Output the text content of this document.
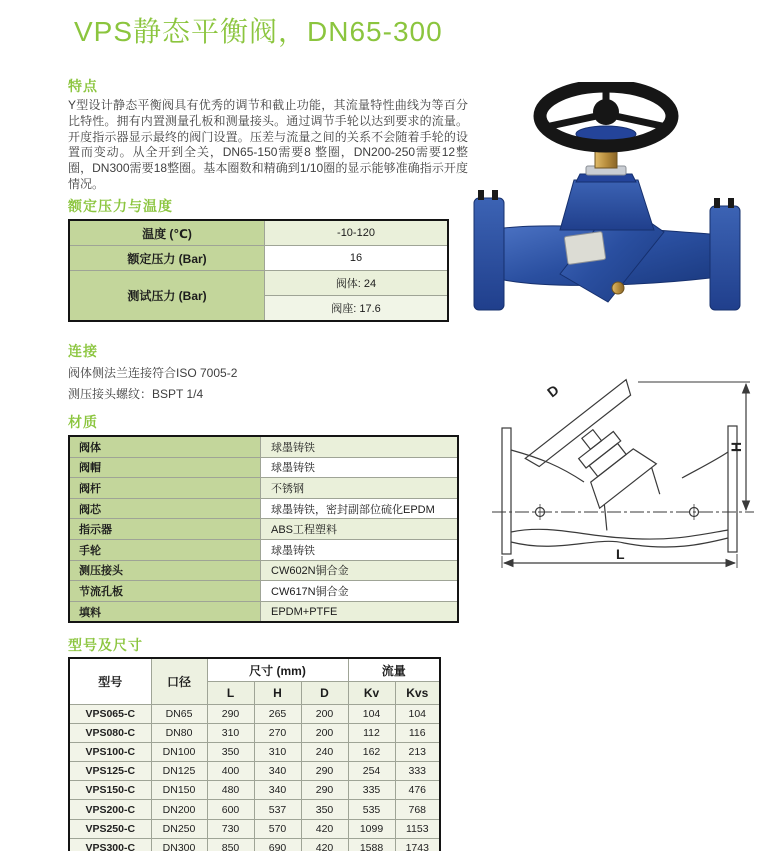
VPS静态平衡阀，DN65-300
特点

Y型设计静态平衡阀具有优秀的调节和截止功能，其流量特性曲线为等百分比特性。拥有内置测量孔板和测量接头。通过调节手轮以达到要求的流量。开度指示器显示最终的阀门设置。压差与流量之间的关系不会随着手轮的设置而变动。从全开到全关，DN65-150需要8 整圈，DN200-250需要12整圈，DN300需要18整圈。基本圈数和精确到1/10圈的显示能够准确指示开度情况。

额定压力与温度
温度 (℃)	-10-120
额定压力 (Bar)	16
测试压力 (Bar)	阀体: 24
	阀座: 17.6
连接

阀体侧法兰连接符合ISO 7005-2

测压接头螺纹：BSPT 1/4

材质
阀体	球墨铸铁
阀帽	球墨铸铁
阀杆	不锈钢
阀芯	球墨铸铁，密封副部位硫化EPDM
指示器	ABS工程塑料
手轮	球墨铸铁
测压接头	CW602N铜合金
节流孔板	CW617N铜合金
填料	EPDM+PTFE
D
H
L
型号及尺寸
型号	口径	尺寸 (mm)			流量	
		L	H	D	Kv	Kvs
VPS065-C	DN65	290	265	200	104	104
VPS080-C	DN80	310	270	200	112	116
VPS100-C	DN100	350	310	240	162	213
VPS125-C	DN125	400	340	290	254	333
VPS150-C	DN150	480	340	290	335	476
VPS200-C	DN200	600	537	350	535	768
VPS250-C	DN250	730	570	420	1099	1153
VPS300-C	DN300	850	690	420	1588	1743
